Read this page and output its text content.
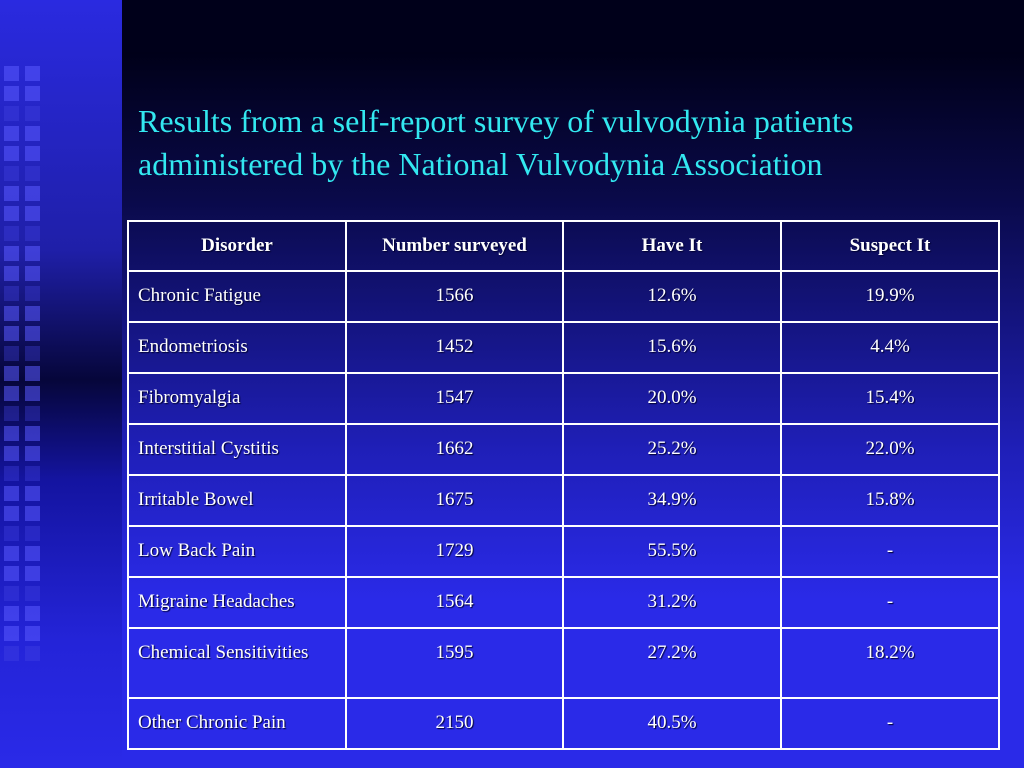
Results from a self-report survey of vulvodynia patients administered by the National Vulvodynia Association
Disorder	Number surveyed	Have It	Suspect It
Chronic Fatigue	1566	12.6%	19.9%
Endometriosis	1452	15.6%	4.4%
Fibromyalgia	1547	20.0%	15.4%
Interstitial Cystitis	1662	25.2%	22.0%
Irritable Bowel	1675	34.9%	15.8%
Low Back Pain	1729	55.5%	-
Migraine Headaches	1564	31.2%	-
Chemical Sensitivities	1595	27.2%	18.2%
Other Chronic Pain	2150	40.5%	-
